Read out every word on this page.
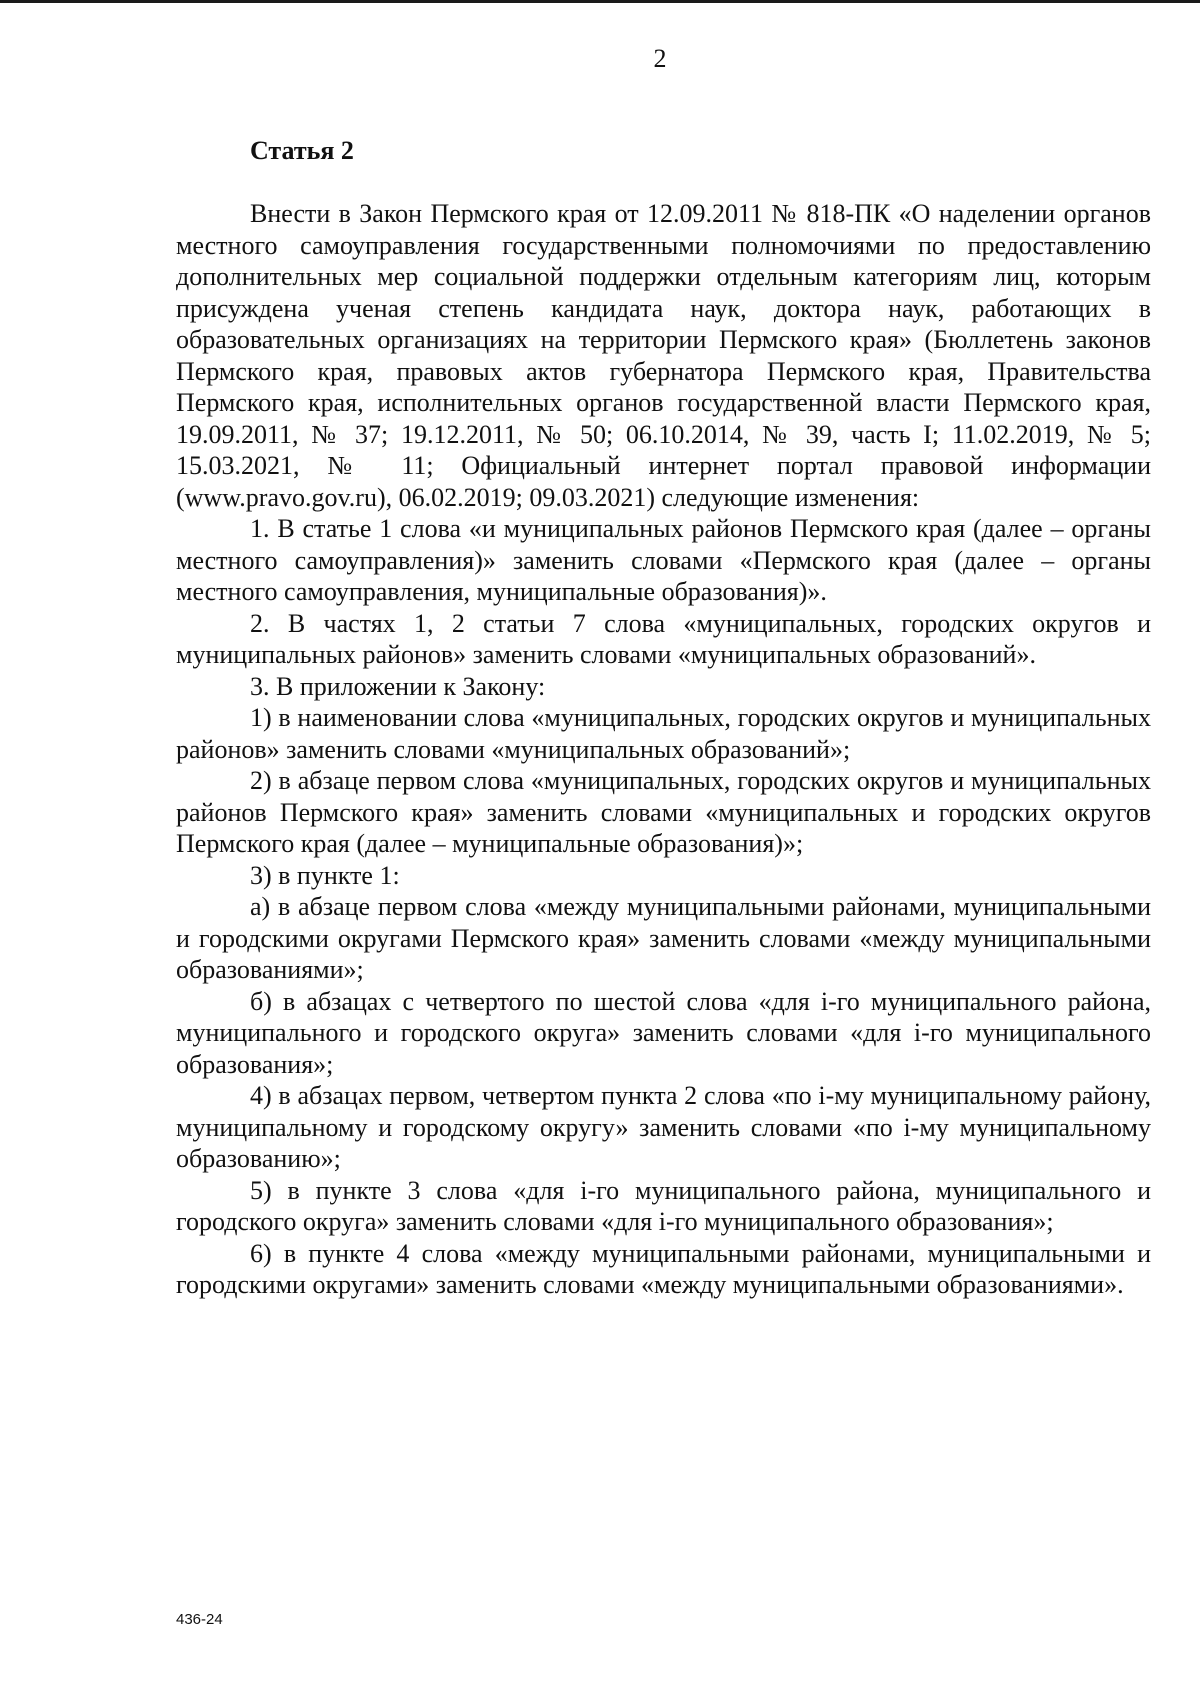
2
Статья 2

Внести в Закон Пермского края от 12.09.2011 № 818-ПК «О наделении органов местного самоуправления государственными полномочиями по предоставлению дополнительных мер социальной поддержки отдельным категориям лиц, которым присуждена ученая степень кандидата наук, доктора наук, работающих в образовательных организациях на территории Пермского края» (Бюллетень законов Пермского края, правовых актов губернатора Пермского края, Правительства Пермского края, исполнительных органов государственной власти Пермского края, 19.09.2011, № 37; 19.12.2011, № 50; 06.10.2014, № 39, часть I; 11.02.2019, № 5; 15.03.2021, № 11; Официальный интернет портал правовой информации (www.pravo.gov.ru), 06.02.2019; 09.03.2021) следующие изменения:

1. В статье 1 слова «и муниципальных районов Пермского края (далее – органы местного самоуправления)» заменить словами «Пермского края (далее – органы местного самоуправления, муниципальные образования)».

2. В частях 1, 2 статьи 7 слова «муниципальных, городских округов и муниципальных районов» заменить словами «муниципальных образований».

3. В приложении к Закону:

1) в наименовании слова «муниципальных, городских округов и муниципальных районов» заменить словами «муниципальных образований»;

2) в абзаце первом слова «муниципальных, городских округов и муниципальных районов Пермского края» заменить словами «муниципальных и городских округов Пермского края (далее – муниципальные образования)»;

3) в пункте 1:

а) в абзаце первом слова «между муниципальными районами, муниципальными и городскими округами Пермского края» заменить словами «между муниципальными образованиями»;

б) в абзацах с четвертого по шестой слова «для i-го муниципального района, муниципального и городского округа» заменить словами «для i-го муниципального образования»;

4) в абзацах первом, четвертом пункта 2 слова «по i-му муниципальному району, муниципальному и городскому округу» заменить словами «по i-му муниципальному образованию»;

5) в пункте 3 слова «для i-го муниципального района, муниципального и городского округа» заменить словами «для i-го муниципального образования»;

6) в пункте 4 слова «между муниципальными районами, муниципальными и городскими округами» заменить словами «между муниципальными образованиями».

436-24
